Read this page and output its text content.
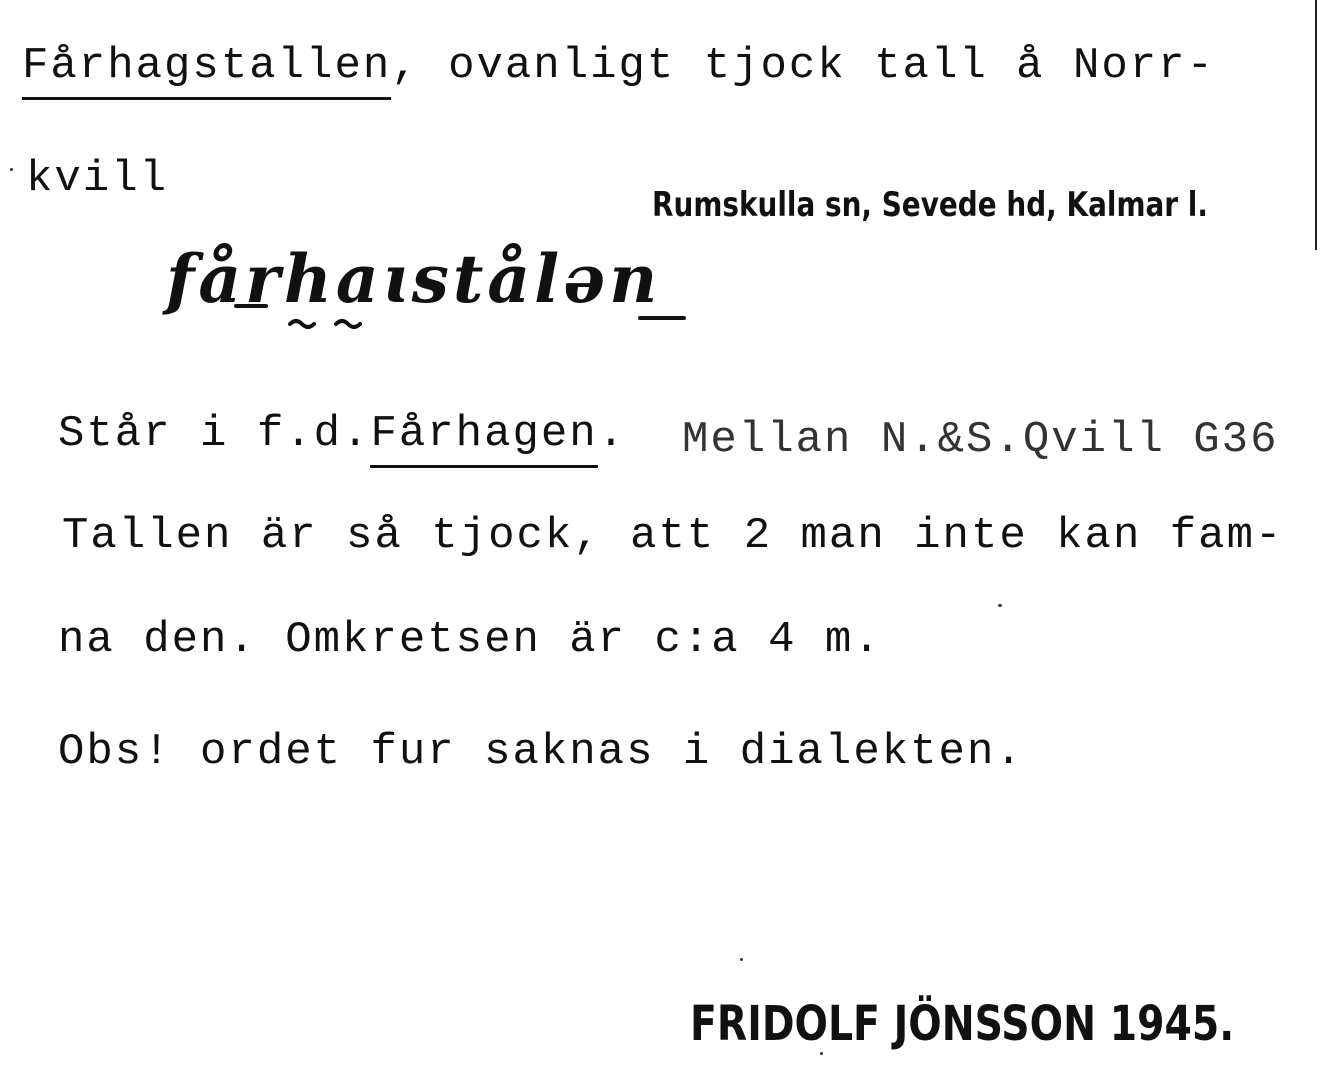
Fårhagstallen, ovanligt tjock tall å Norr-
kvill
Rumskulla sn, Sevede hd, Kalmar l.
fårhaɩstålən
Står i f.d.Fårhagen. Mellan N.&S.Qvill G36
Tallen är så tjock, att 2 man inte kan fam-
na den. Omkretsen är c:a 4 m.
Obs! ordet fur saknas i dialekten.
FRIDOLF JÖNSSON 1945.
